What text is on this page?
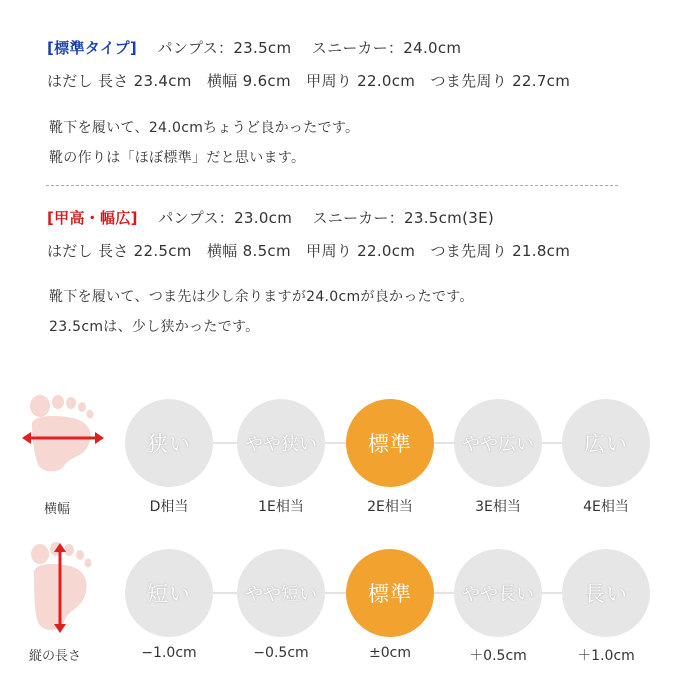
[標準タイプ]　 パンプス：23.5cm　 スニーカー：24.0cm
はだし 長さ 23.4cm　横幅 9.6cm　甲周り 22.0cm　つま先周り 22.7cm
靴下を履いて、24.0cmちょうど良かったです。
靴の作りは「ほぼ標準」だと思います。
[甲高・幅広]　 パンプス：23.0cm　 スニーカー：23.5cm(3E)
はだし 長さ 22.5cm　横幅 8.5cm　甲周り 22.0cm　つま先周り 21.8cm
靴下を履いて、つま先は少し余りますが24.0cmが良かったです。
23.5cmは、少し狭かったです。
横幅
狭い	やや狭い	標準	やや広い	広い
D相当	1E相当	2E相当	3E相当	4E相当
縦の長さ
短い	やや短い	標準	やや長い	長い
−1.0cm	−0.5cm	±0cm	＋0.5cm	＋1.0cm
